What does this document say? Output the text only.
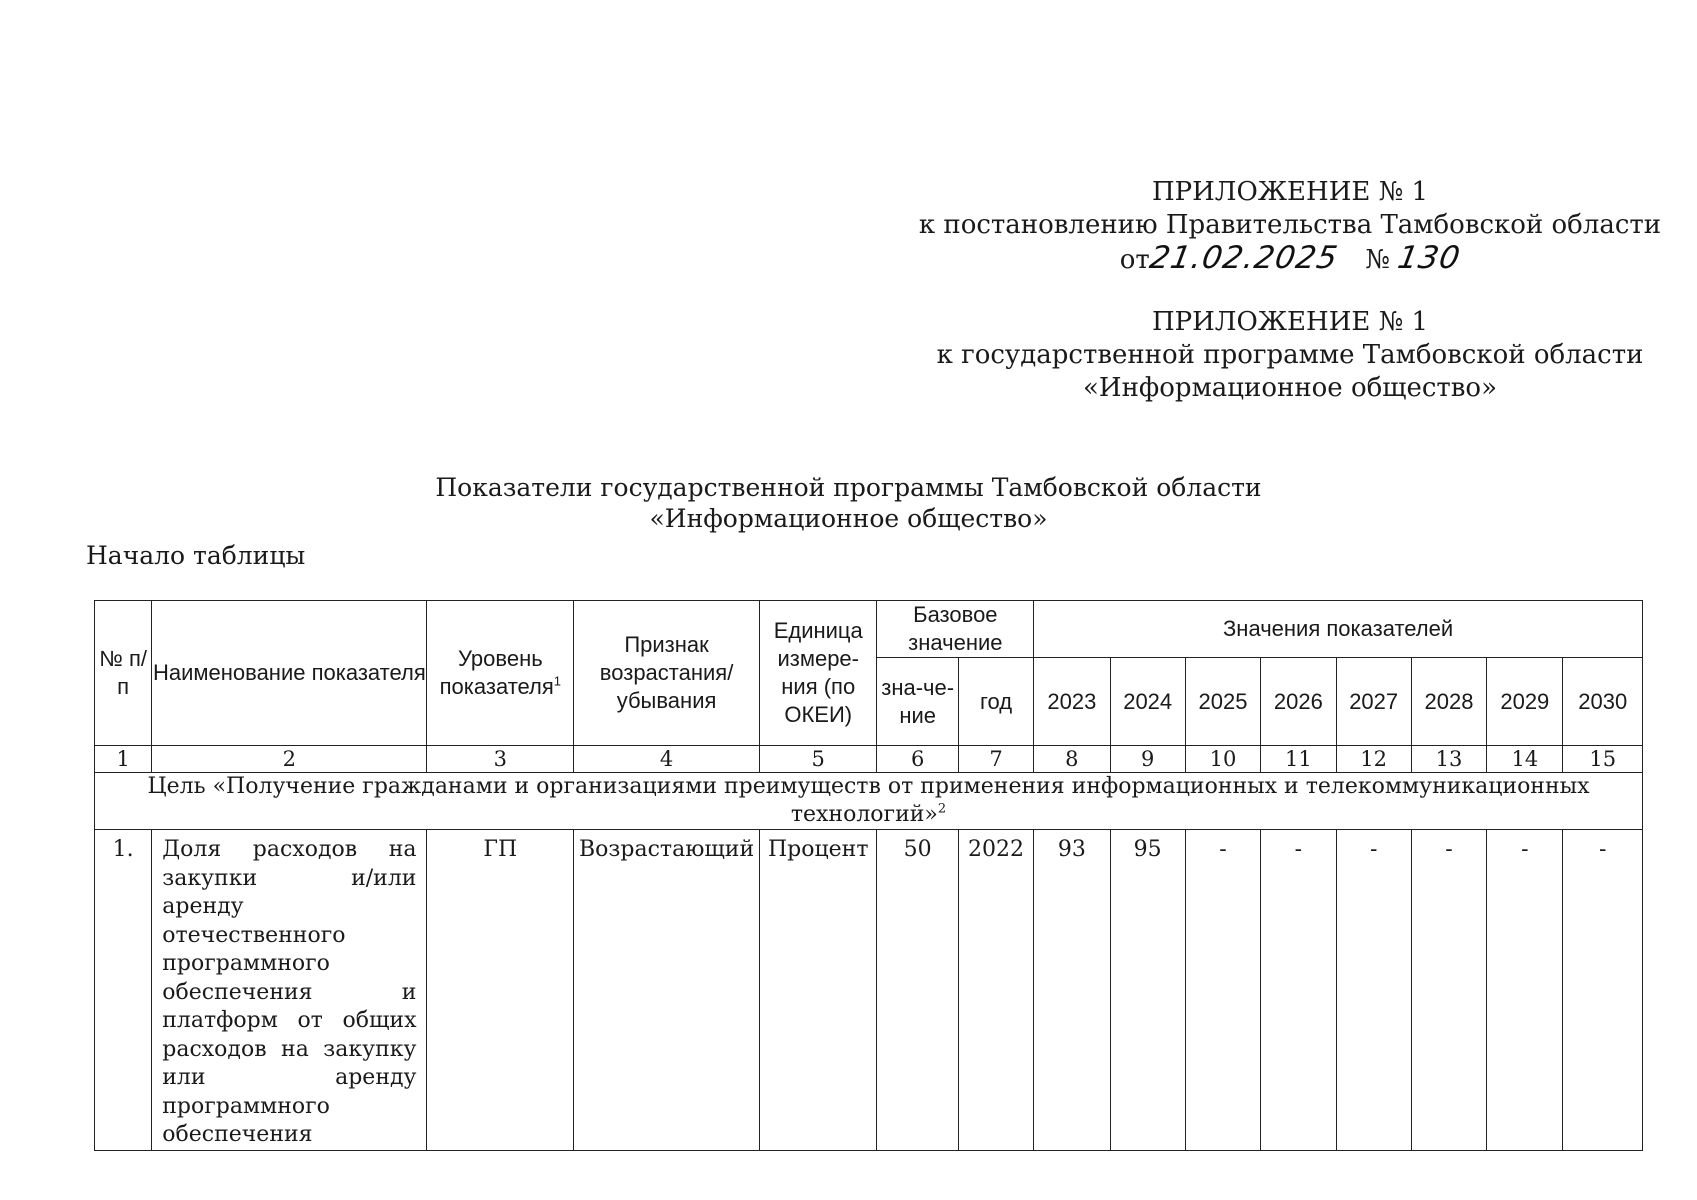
ПРИЛОЖЕНИЕ № 1
к постановлению Правительства Тамбовской области
от21.02.2025 № 130
ПРИЛОЖЕНИЕ № 1
к государственной программе Тамбовской области
«Информационное общество»
Показатели государственной программы Тамбовской области
«Информационное общество»
Начало таблицы
№ п/п	Наименование показателя	Уровень показателя$^1$	Признак возрастания/ убывания	Единица измере-ния (по ОКЕИ)	Базовое значение		Значения показателей							
					зна-че-ние	год	2023	2024	2025	2026	2027	2028	2029	2030
1	2	3	4	5	6	7	8	9	10	11	12	13	14	15
Цель «Получение гражданами и организациями преимуществ от применения информационных и телекоммуникационных технологий»$^2$
1.	Доля расходов на закупки и/или аренду отечественного программного обеспечения и платформ от общих расходов на закупку или аренду программного обеспечения	ГП	Возрастающий	Процент	50	2022	93	95	-	-	-	-	-	-
